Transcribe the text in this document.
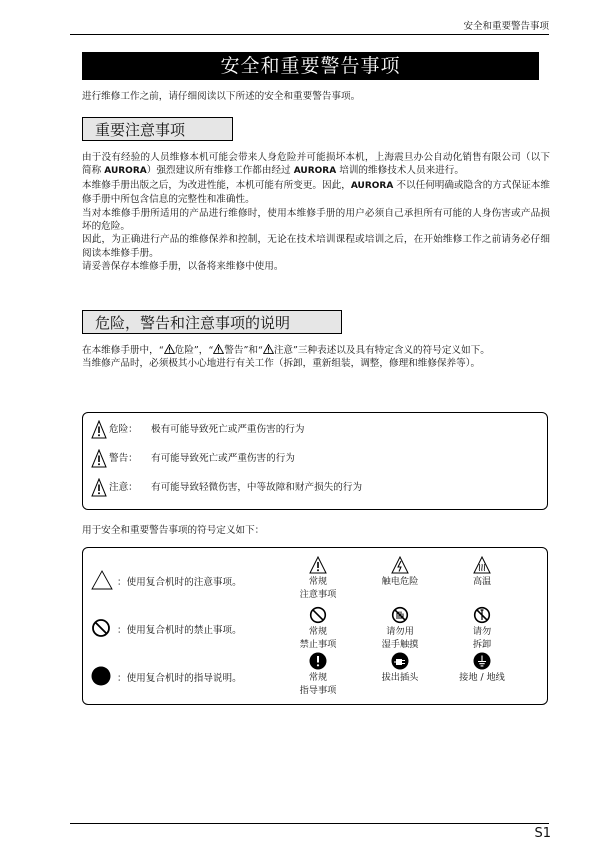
安全和重要警告事项
安全和重要警告事项
进行维修工作之前，请仔细阅读以下所述的安全和重要警告事项。
重要注意事项
由于没有经验的人员维修本机可能会带来人身危险并可能损坏本机，上海震旦办公自动化销售有限公司（以下简称 AURORA）强烈建议所有维修工作都由经过 AURORA 培训的维修技术人员来进行。
本维修手册出版之后，为改进性能，本机可能有所变更。因此，AURORA 不以任何明确或隐含的方式保证本维修手册中所包含信息的完整性和准确性。
当对本维修手册所适用的产品进行维修时，使用本维修手册的用户必须自己承担所有可能的人身伤害或产品损坏的危险。
因此，为正确进行产品的维修保养和控制，无论在技术培训课程或培训之后，在开始维修工作之前请务必仔细阅读本维修手册。
请妥善保存本维修手册，以备将来维修中使用。
危险，警告和注意事项的说明
在本维修手册中，“ 危险”，“ 警告”和“ 注意”三种表述以及具有特定含义的符号定义如下。
当维修产品时，必须极其小心地进行有关工作（拆卸，重新组装，调整，修理和维修保养等）。
危险： 极有可能导致死亡或严重伤害的行为
警告： 有可能导致死亡或严重伤害的行为
注意： 有可能导致轻微伤害，中等故障和财产损失的行为
用于安全和重要警告事项的符号定义如下：
：使用复合机时的注意事项。
：使用复合机时的禁止事项。
：使用复合机时的指导说明。
常规
注意事项
触电危险	高温
常规
禁止事项
请勿用
湿手触摸
请勿
拆卸
常规
指导事项
拔出插头	接地 / 地线
S1
